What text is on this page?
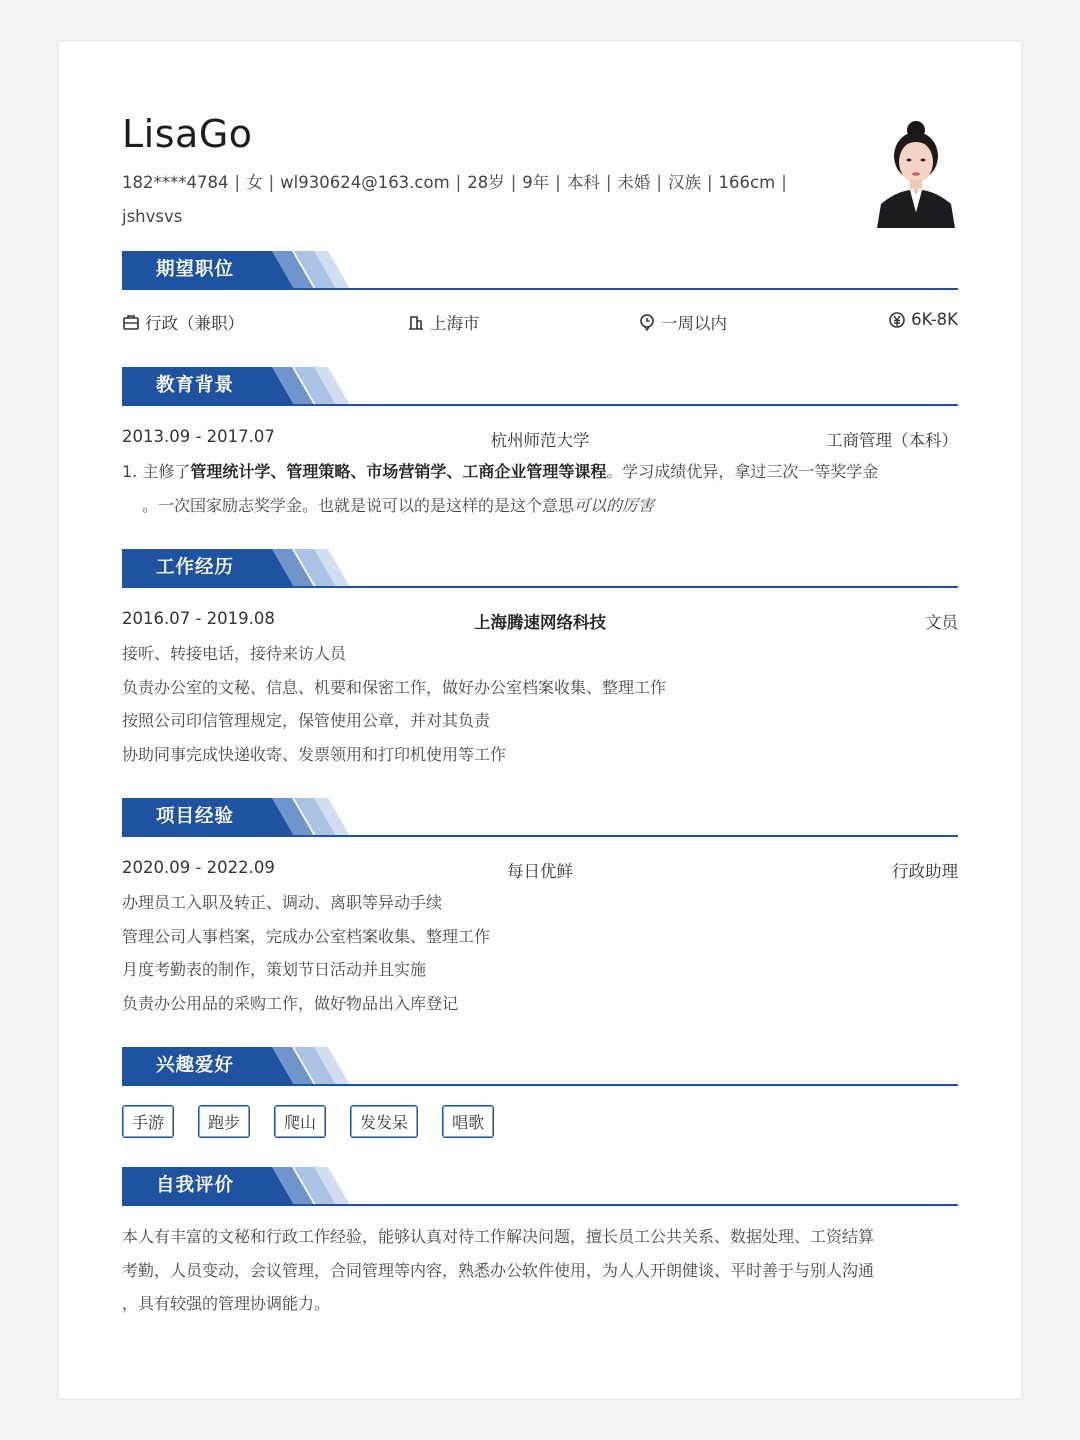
LisaGo
182****4784 | 女 | wl930624@163.com | 28岁 | 9年 | 本科 | 未婚 | 汉族 | 166cm |
jshvsvs
期望职位
行政（兼职）	上海市	一周以内	6K-8K
教育背景
2013.09 - 2017.07	杭州师范大学	工商管理（本科）
1. 主修了管理统计学、管理策略、市场营销学、工商企业管理等课程。学习成绩优异，拿过三次一等奖学金
。一次国家励志奖学金。也就是说可以的是这样的是这个意思可以的厉害
工作经历
2016.07 - 2019.08	上海腾速网络科技	文员
接听、转接电话，接待来访人员
负责办公室的文秘、信息、机要和保密工作，做好办公室档案收集、整理工作
按照公司印信管理规定，保管使用公章，并对其负责
协助同事完成快递收寄、发票领用和打印机使用等工作
项目经验
2020.09 - 2022.09	每日优鲜	行政助理
办理员工入职及转正、调动、离职等异动手续
管理公司人事档案，完成办公室档案收集、整理工作
月度考勤表的制作，策划节日活动并且实施
负责办公用品的采购工作，做好物品出入库登记
兴趣爱好
手游	跑步	爬山	发发呆	唱歌
自我评价
本人有丰富的文秘和行政工作经验，能够认真对待工作解决问题，擅长员工公共关系、数据处理、工资结算
考勤，人员变动，会议管理，合同管理等内容，熟悉办公软件使用，为人人开朗健谈、平时善于与别人沟通
，具有较强的管理协调能力。
